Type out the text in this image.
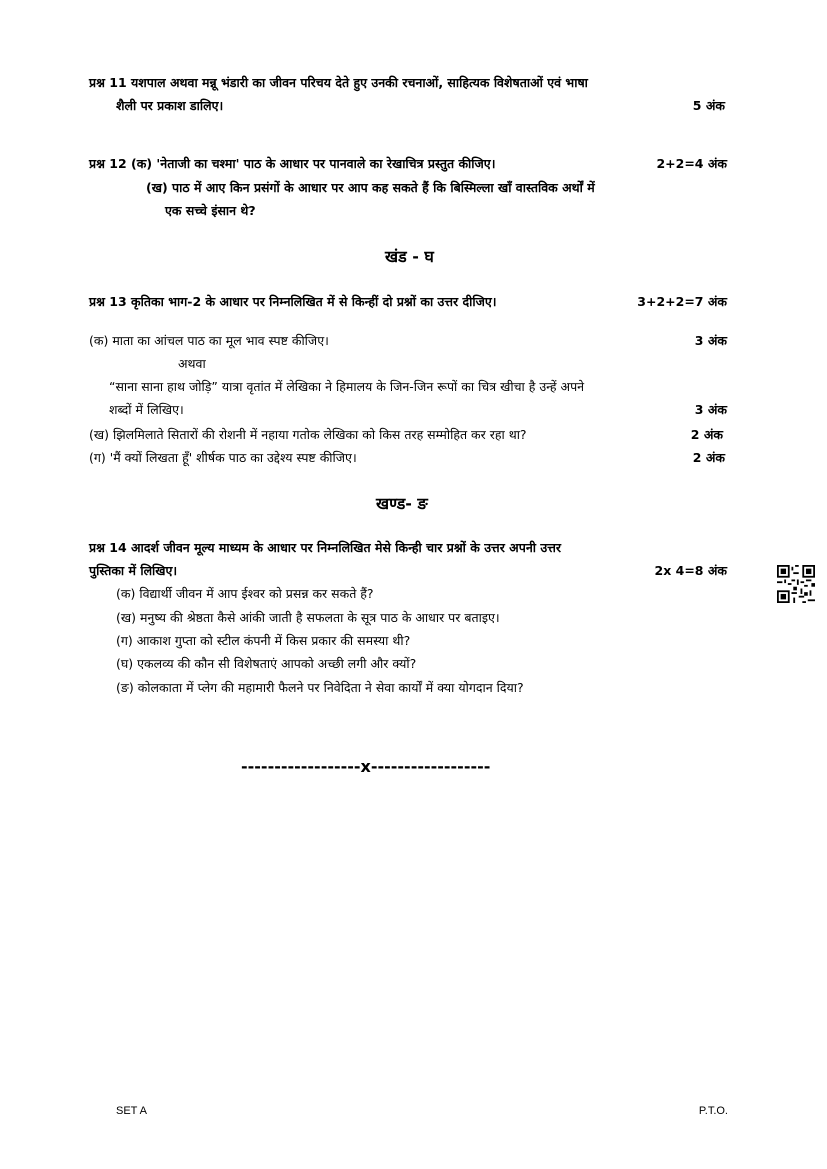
प्रश्न 11 यशपाल अथवा मन्नू भंडारी का जीवन परिचय देते हुए उनकी रचनाओं, साहित्यक विशेषताओं एवं भाषा
शैली पर प्रकाश डालिए।	5 अंक
प्रश्न 12 (क) 'नेताजी का चश्मा' पाठ के आधार पर पानवाले का रेखाचित्र प्रस्तुत कीजिए।	2+2=4 अंक
(ख) पाठ में आए किन प्रसंगों के आधार पर आप कह सकते हैं कि बिस्मिल्ला खाँ वास्तविक अर्थों में
एक सच्चे इंसान थे?
खंड - घ
प्रश्न 13 कृतिका भाग-2 के आधार पर निम्नलिखित में से किन्हीं दो प्रश्नों का उत्तर दीजिए।	3+2+2=7 अंक
(क) माता का आंचल पाठ का मूल भाव स्पष्ट कीजिए।	3 अंक
अथवा
“साना साना हाथ जोड़ि” यात्रा वृतांत में लेखिका ने हिमालय के जिन-जिन रूपों का चित्र खीचा है उन्हें अपने
शब्दों में लिखिए।	3 अंक
(ख) झिलमिलाते सितारों की रोशनी में नहाया गतोक लेखिका को किस तरह सम्मोहित कर रहा था?	2 अंक
(ग) 'मैं क्यों लिखता हूँ' शीर्षक पाठ का उद्देश्य स्पष्ट कीजिए।	2 अंक
खण्ड- ङ
प्रश्न 14 आदर्श जीवन मूल्य माध्यम के आधार पर निम्नलिखित मेसे किन्ही चार प्रश्नों के उत्तर अपनी उत्तर
पुस्तिका में लिखिए।	2x 4=8 अंक
(क) विद्यार्थी जीवन में आप ईश्वर को प्रसन्न कर सकते हैं?
(ख) मनुष्य की श्रेष्ठता कैसे आंकी जाती है सफलता के सूत्र पाठ के आधार पर बताइए।
(ग) आकाश गुप्ता को स्टील कंपनी में किस प्रकार की समस्या थी?
(घ) एकलव्य की कौन सी विशेषताएं आपको अच्छी लगी और क्यों?
(ङ) कोलकाता में प्लेग की महामारी फैलने पर निवेदिता ने सेवा कार्यों में क्या योगदान दिया?
------------------x------------------
SET A	P.T.O.
